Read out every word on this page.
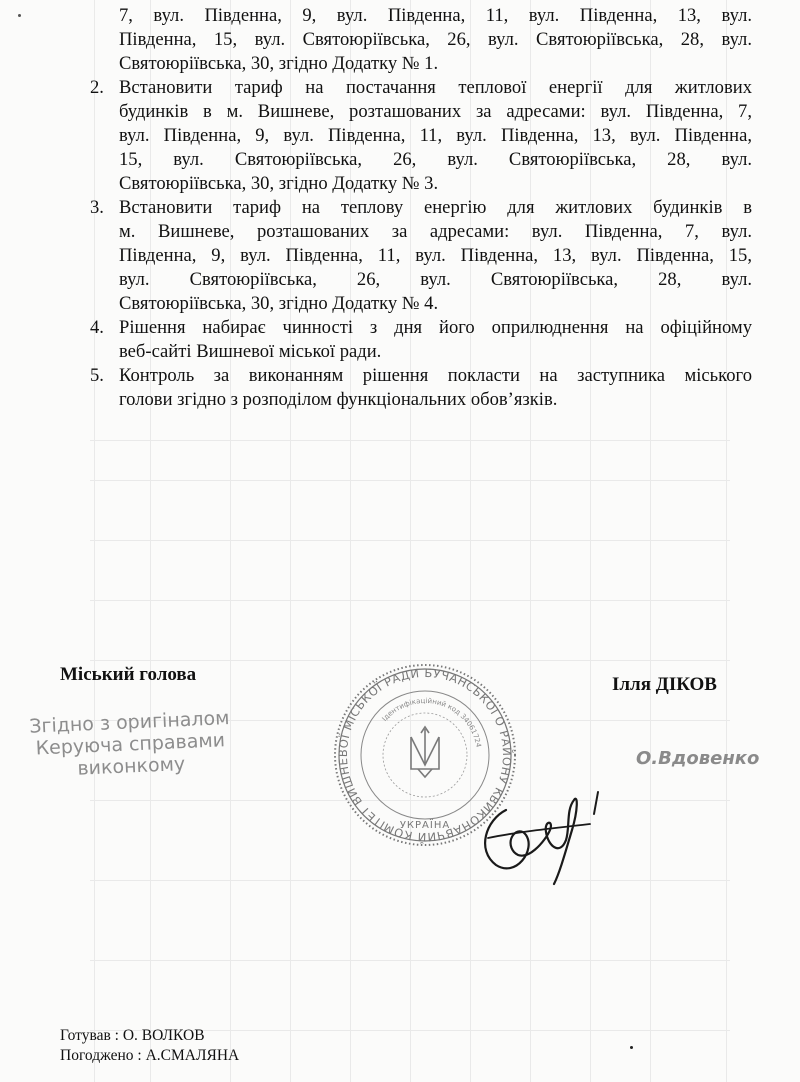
7, вул. Південна, 9, вул. Південна, 11, вул. Південна, 13, вул.
Південна, 15, вул. Святоюріївська, 26, вул. Святоюріївська, 28, вул.
Святоюріївська, 30, згідно Додатку № 1.
2. Встановити тариф на постачання теплової енергії для житлових
будинків в м. Вишневе, розташованих за адресами: вул. Південна, 7,
вул. Південна, 9, вул. Південна, 11, вул. Південна, 13, вул. Південна,
15, вул. Святоюріївська, 26, вул. Святоюріївська, 28, вул.
Святоюріївська, 30, згідно Додатку № 3.
3. Встановити тариф на теплову енергію для житлових будинків в
м. Вишневе, розташованих за адресами: вул. Південна, 7, вул.
Південна, 9, вул. Південна, 11, вул. Південна, 13, вул. Південна, 15,
вул. Святоюріївська, 26, вул. Святоюріївська, 28, вул.
Святоюріївська, 30, згідно Додатку № 4.
4. Рішення набирає чинності з дня його оприлюднення на офіційному
веб-сайті Вишневої міської ради.
5. Контроль за виконанням рішення покласти на заступника міського
голови згідно з розподілом функціональних обов’язків.
Міський голова	Ілля ДІКОВ
Згідно з оригіналом
Керуюча справами
виконкому	О.Вдовенко
ВИКОНАВЧИЙ КОМІТЕТ ВИШНЕВОЇ МІСЬКОЇ РАДИ БУЧАНСЬКОГО РАЙОНУ КИЇВСЬКОЇ
Ідентифікаційний код 34061724
УКРАЇНА
Готував : О. ВОЛКОВ
Погоджено : А.СМАЛЯНА
